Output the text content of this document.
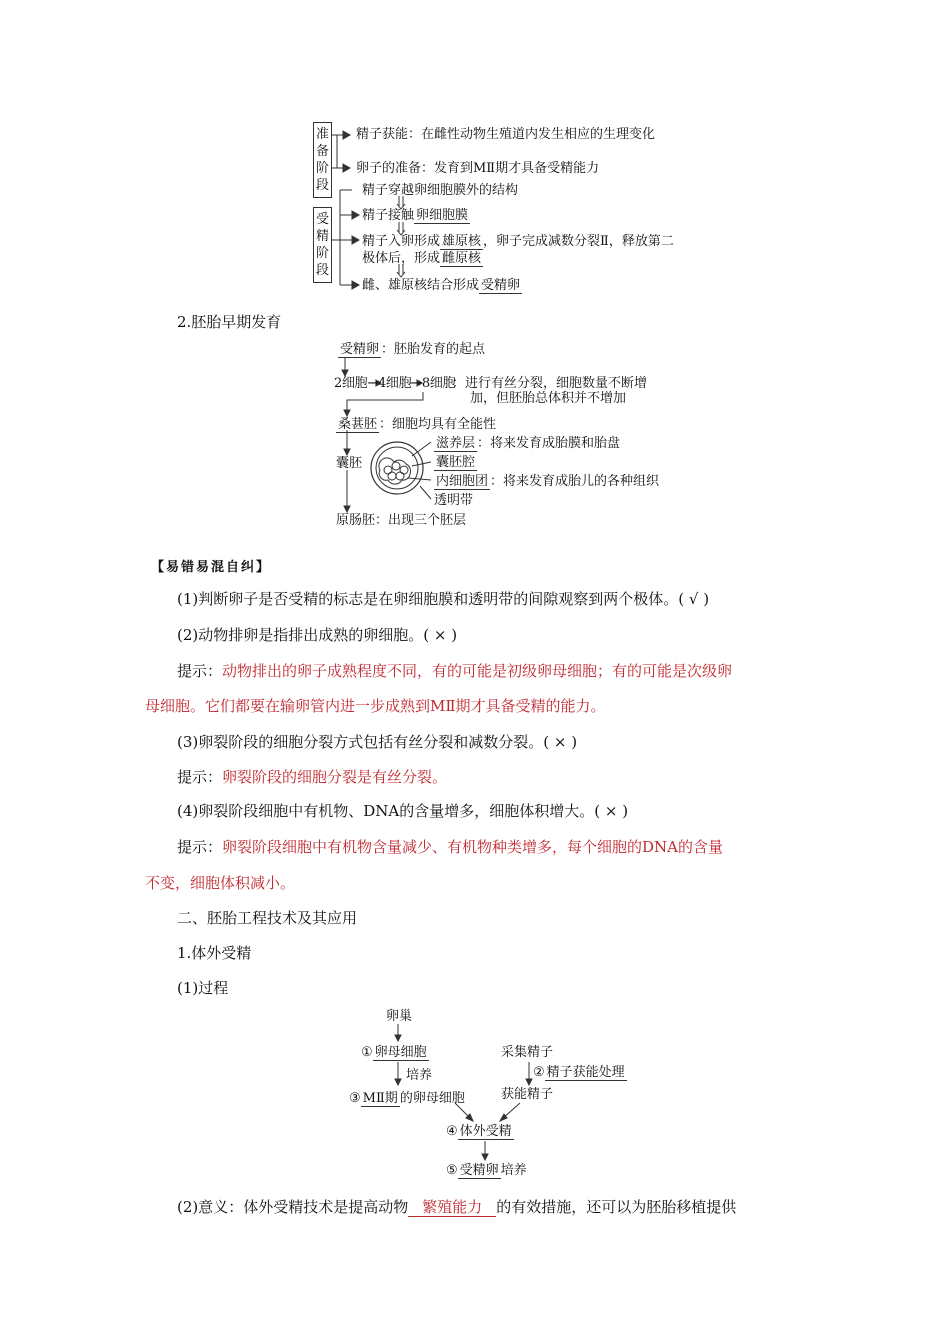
准
备
阶
段
受
精
阶
段
精子获能：在雌性动物生殖道内发生相应的生理变化
卵子的准备：发育到MⅡ期才具备受精能力
精子穿越卵细胞膜外的结构
精子接触 卵细胞膜
精子入卵形成 雄原核 ，卵子完成减数分裂Ⅱ，释放第二
极体后，形成 雌原核
雌、雄原核结合形成 受精卵
2.胚胎早期发育
受精卵 ：胚胎发育的起点
2细胞→4细胞→8细胞
：进行有丝分裂，细胞数量不断增
加，但胚胎总体积并不增加
桑葚胚 ：细胞均具有全能性
囊胚
滋养层 ：将来发育成胎膜和胎盘
囊胚腔
内细胞团 ：将来发育成胎儿的各种组织
透明带
原肠胚：出现三个胚层
【易错易混自纠】
(1)判断卵子是否受精的标志是在卵细胞膜和透明带的间隙观察到两个极体。( √ )
(2)动物排卵是指排出成熟的卵细胞。( × )
提示：动物排出的卵子成熟程度不同，有的可能是初级卵母细胞；有的可能是次级卵
母细胞。它们都要在输卵管内进一步成熟到MⅡ期才具备受精的能力。
(3)卵裂阶段的细胞分裂方式包括有丝分裂和减数分裂。( × )
提示：卵裂阶段的细胞分裂是有丝分裂。
(4)卵裂阶段细胞中有机物、DNA的含量增多，细胞体积增大。( × )
提示：卵裂阶段细胞中有机物含量减少、有机物种类增多，每个细胞的DNA的含量
不变，细胞体积减小。
二、胚胎工程技术及其应用
1.体外受精
(1)过程
卵巢
① 卵母细胞
培养
③ MⅡ期 的卵母细胞
采集精子
② 精子获能处理
获能精子
④ 体外受精
⑤ 受精卵 培养
(2)意义：体外受精技术是提高动物 繁殖能力 的有效措施，还可以为胚胎移植提供
